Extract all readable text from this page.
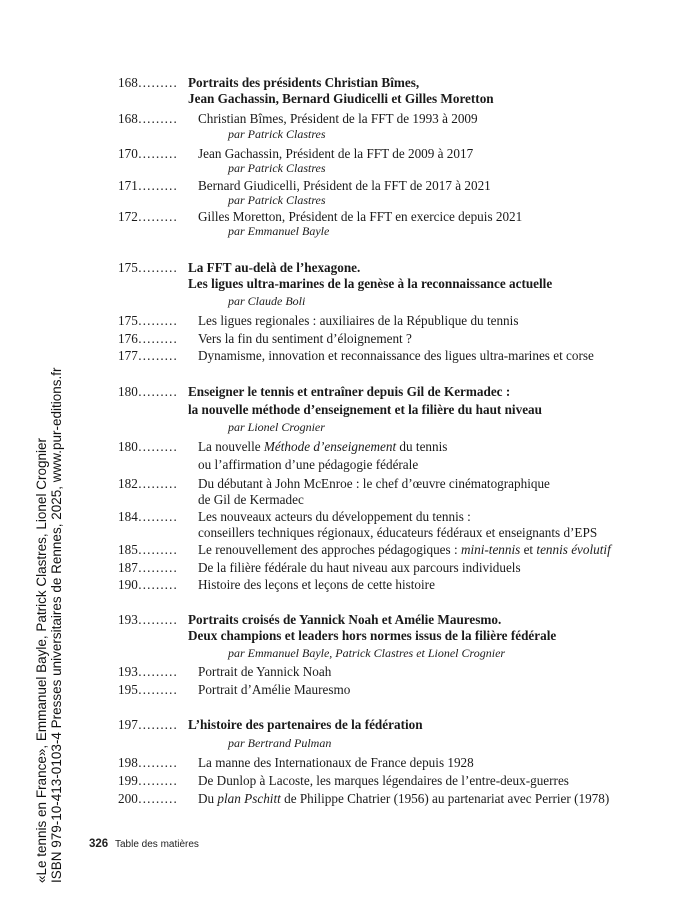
«Le tennis en France», Emmanuel Bayle, Patrick Clastres, Lionel Crognier ISBN 979-10-413-0103-4 Presses universitaires de Rennes, 2025, www.pur-editions.fr
168……… Portraits des présidents Christian Bîmes,
Jean Gachassin, Bernard Giudicelli et Gilles Moretton
168……… Christian Bîmes, Président de la FFT de 1993 à 2009
par Patrick Clastres
170……… Jean Gachassin, Président de la FFT de 2009 à 2017
par Patrick Clastres
171……… Bernard Giudicelli, Président de la FFT de 2017 à 2021
par Patrick Clastres
172……… Gilles Moretton, Président de la FFT en exercice depuis 2021
par Emmanuel Bayle
175……… La FFT au-delà de l’hexagone.
Les ligues ultra-marines de la genèse à la reconnaissance actuelle
par Claude Boli
175……… Les ligues regionales : auxiliaires de la République du tennis
176……… Vers la fin du sentiment d’éloignement ?
177……… Dynamisme, innovation et reconnaissance des ligues ultra-marines et corse
180……… Enseigner le tennis et entraîner depuis Gil de Kermadec :
la nouvelle méthode d’enseignement et la filière du haut niveau
par Lionel Crognier
180……… La nouvelle Méthode d’enseignement du tennis
ou l’affirmation d’une pédagogie fédérale
182……… Du débutant à John McEnroe : le chef d’œuvre cinématographique
de Gil de Kermadec
184……… Les nouveaux acteurs du développement du tennis :
conseillers techniques régionaux, éducateurs fédéraux et enseignants d’EPS
185……… Le renouvellement des approches pédagogiques : mini-tennis et tennis évolutif
187……… De la filière fédérale du haut niveau aux parcours individuels
190……… Histoire des leçons et leçons de cette histoire
193……… Portraits croisés de Yannick Noah et Amélie Mauresmo.
Deux champions et leaders hors normes issus de la filière fédérale
par Emmanuel Bayle, Patrick Clastres et Lionel Crognier
193……… Portrait de Yannick Noah
195……… Portrait d’Amélie Mauresmo
197……… L’histoire des partenaires de la fédération
par Bertrand Pulman
198……… La manne des Internationaux de France depuis 1928
199……… De Dunlop à Lacoste, les marques légendaires de l’entre-deux-guerres
200……… Du plan Pschitt de Philippe Chatrier (1956) au partenariat avec Perrier (1978)
326 Table des matières
